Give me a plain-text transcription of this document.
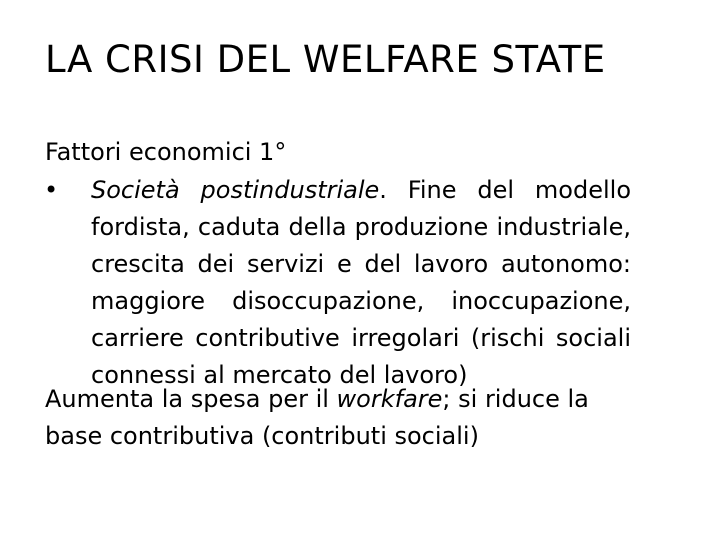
LA CRISI DEL WELFARE STATE
Fattori economici 1°
• Società postindustriale. Fine del modello fordista, caduta della produzione industriale, crescita dei servizi e del lavoro autonomo: maggiore disoccupazione, inoccupazione, carriere contributive irregolari (rischi sociali connessi al mercato del lavoro)
Aumenta la spesa per il workfare; si riduce la base contributiva (contributi sociali)
